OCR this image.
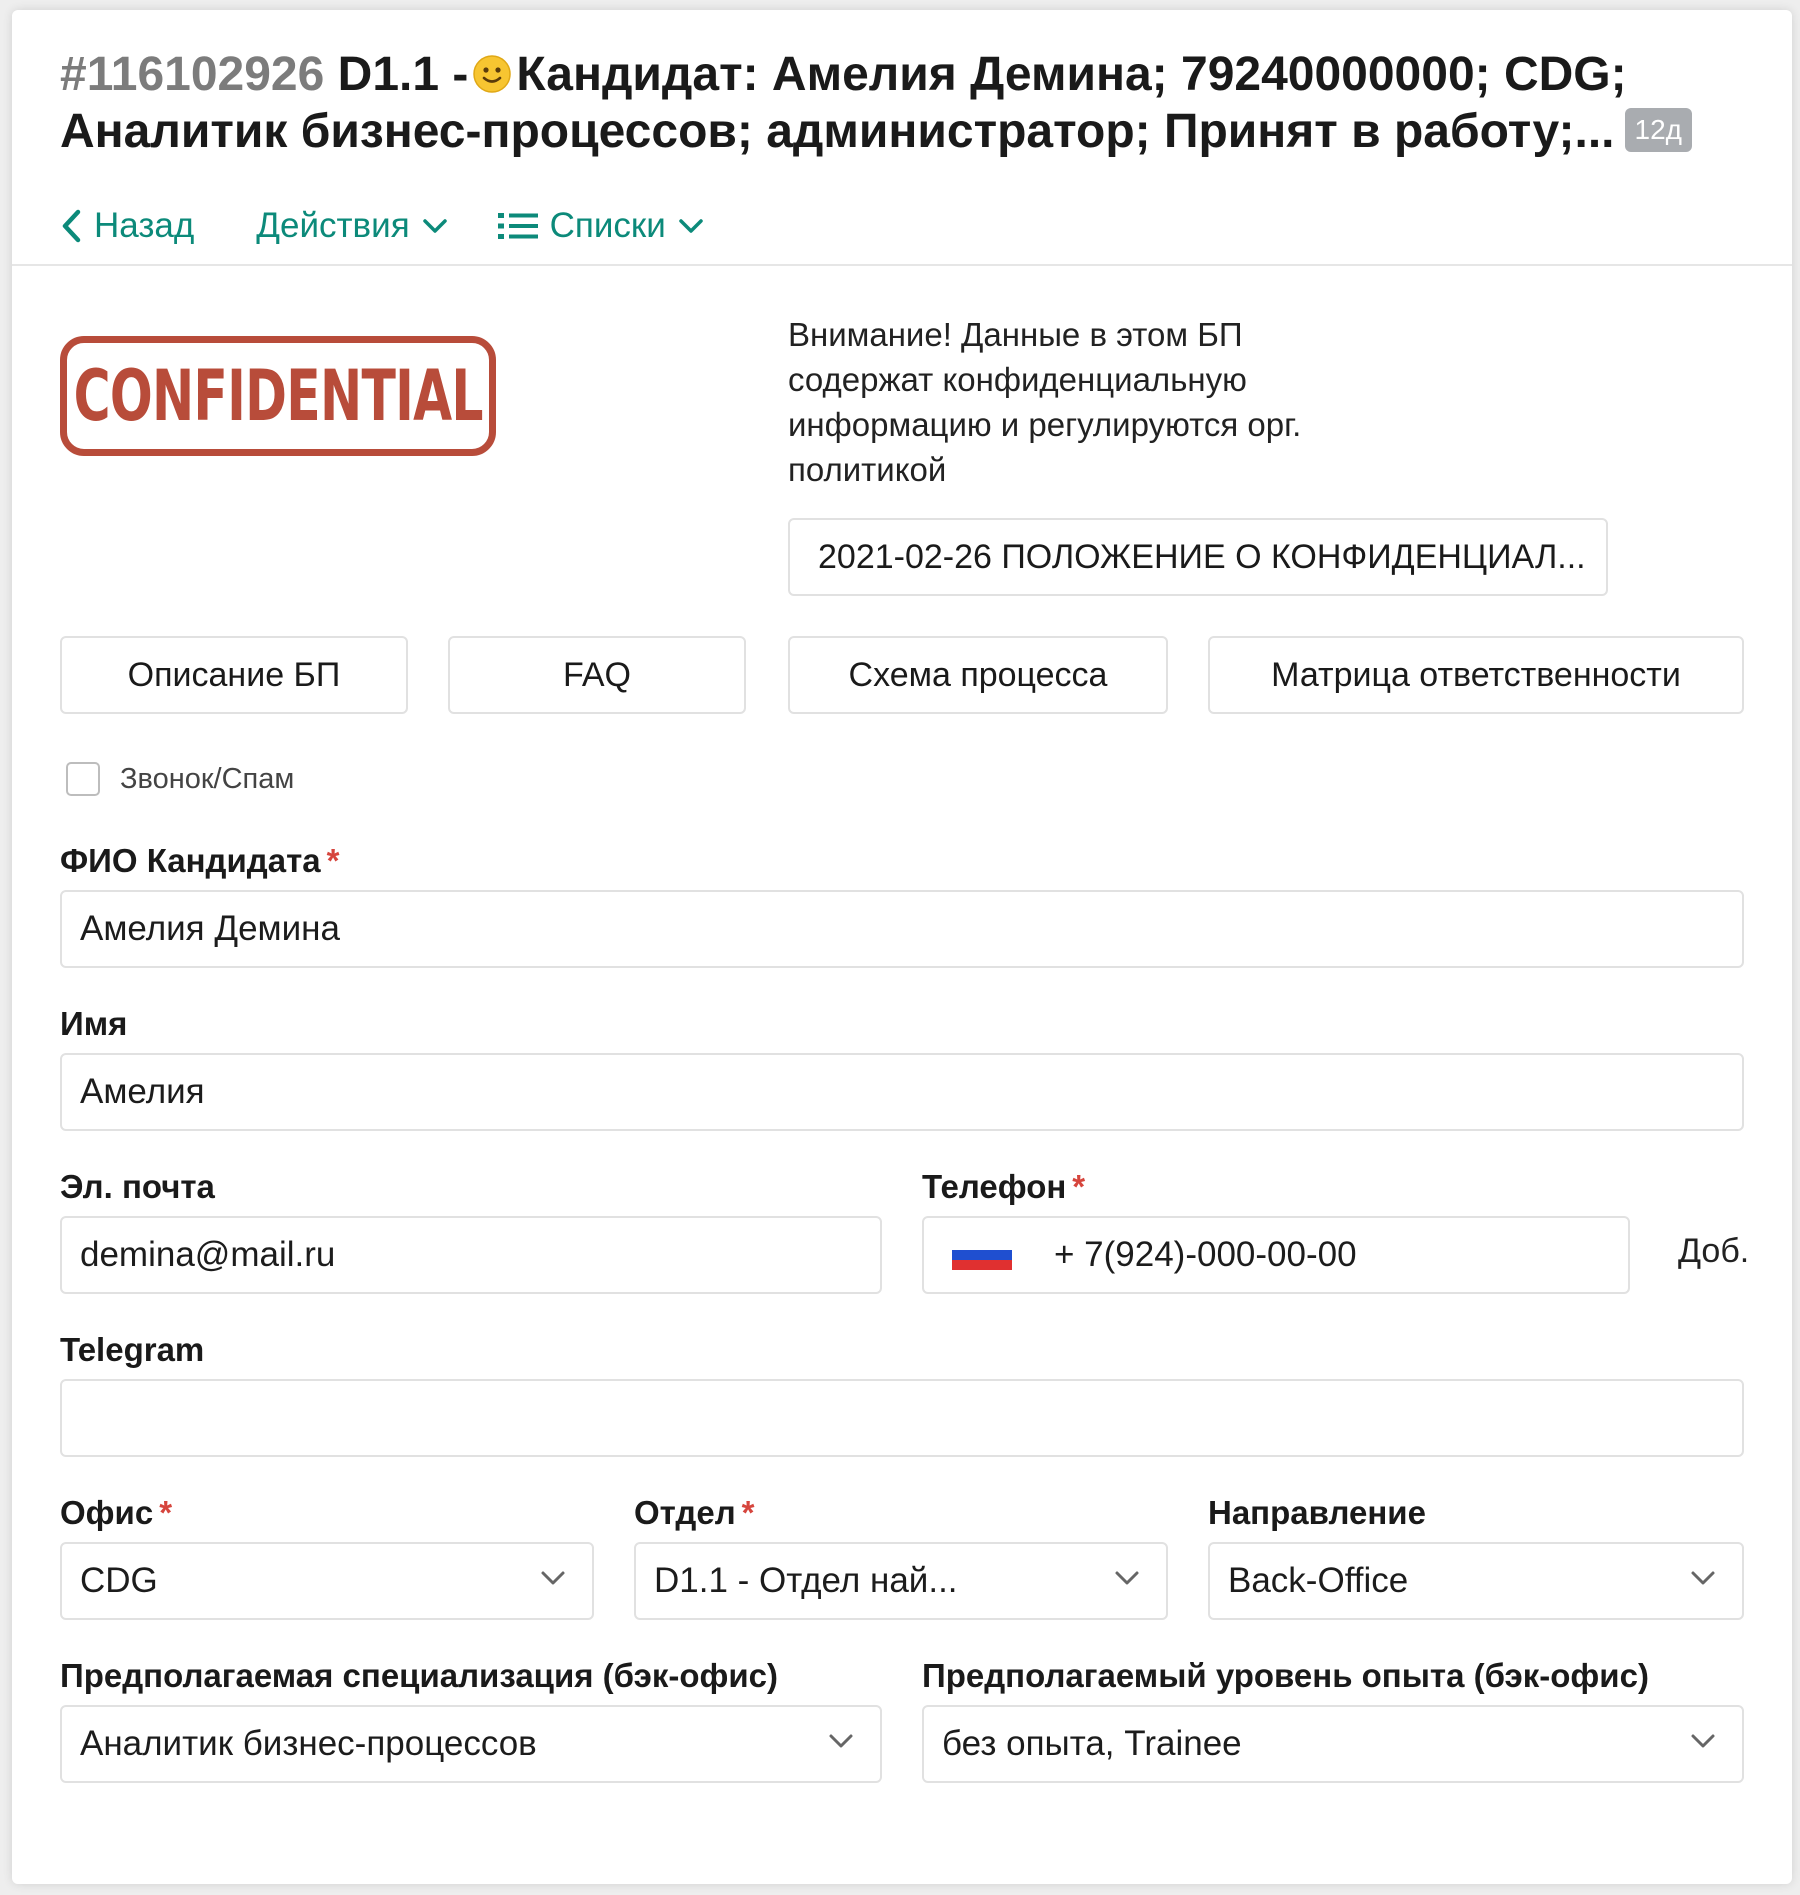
#116102926 D1.1 - Кандидат: Амелия Демина; 79240000000; CDG; Аналитик бизнес-процессов; администратор; Принят в работу;... 12д
Назад Действия	Списки
CONFIDENTIAL
Внимание! Данные в этом БП содержат конфиденциальную информацию и регулируются орг. политикой
2021-02-26 ПОЛОЖЕНИЕ О КОНФИДЕНЦИАЛ...
Описание БП	FAQ	Схема процесса	Матрица ответственности
Звонок/Спам
ФИО Кандидата *
Амелия Демина
Имя
Амелия
Эл. почта
demina@mail.ru
Телефон *
+ 7(924)-000-00-00	Доб.
Telegram
Офис *
CDG
Отдел *
D1.1 - Отдел най...
Направление
Back-Office
Предполагаемая специализация (бэк-офис)
Аналитик бизнес-процессов
Предполагаемый уровень опыта (бэк-офис)
без опыта, Trainee
